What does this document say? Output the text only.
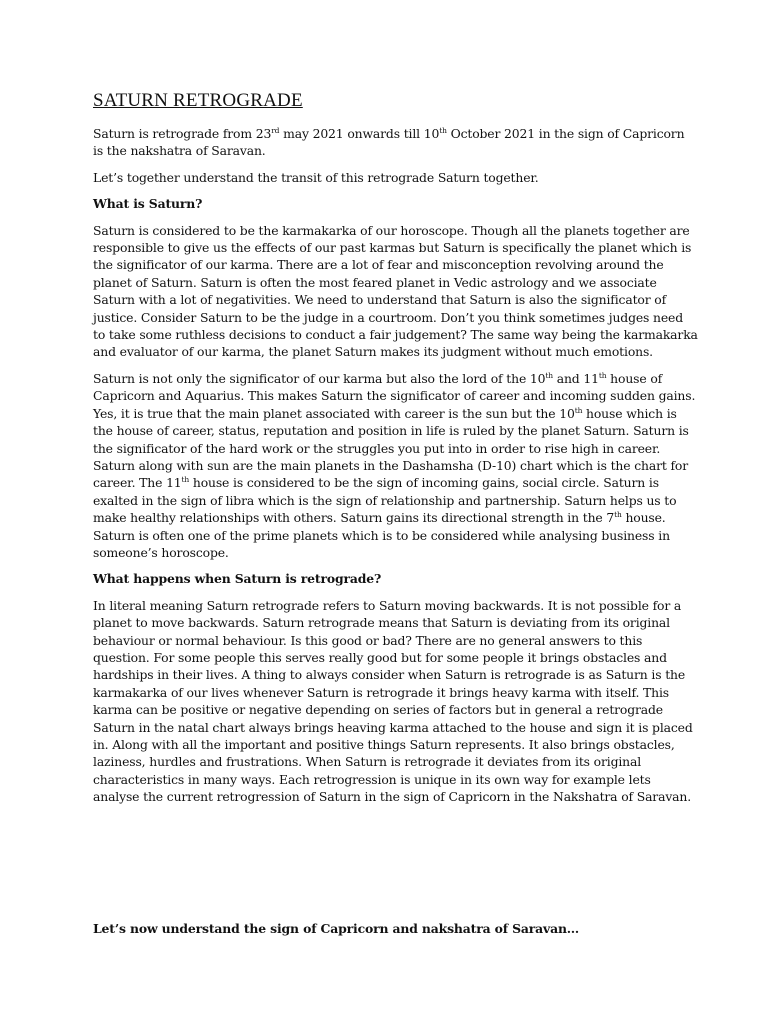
SATURN RETROGRADE

Saturn is retrograde from 23rd may 2021 onwards till 10th October 2021 in the sign of Capricorn is the nakshatra of Saravan.

Let’s together understand the transit of this retrograde Saturn together.

What is Saturn?

Saturn is considered to be the karmakarka of our horoscope. Though all the planets together are responsible to give us the effects of our past karmas but Saturn is specifically the planet which is the significator of our karma. There are a lot of fear and misconception revolving around the planet of Saturn. Saturn is often the most feared planet in Vedic astrology and we associate Saturn with a lot of negativities. We need to understand that Saturn is also the significator of justice. Consider Saturn to be the judge in a courtroom. Don’t you think sometimes judges need to take some ruthless decisions to conduct a fair judgement? The same way being the karmakarka and evaluator of our karma, the planet Saturn makes its judgment without much emotions.

Saturn is not only the significator of our karma but also the lord of the 10th and 11th house of Capricorn and Aquarius. This makes Saturn the significator of career and incoming sudden gains. Yes, it is true that the main planet associated with career is the sun but the 10th house which is the house of career, status, reputation and position in life is ruled by the planet Saturn. Saturn is the significator of the hard work or the struggles you put into in order to rise high in career. Saturn along with sun are the main planets in the Dashamsha (D-10) chart which is the chart for career. The 11th house is considered to be the sign of incoming gains, social circle. Saturn is exalted in the sign of libra which is the sign of relationship and partnership. Saturn helps us to make healthy relationships with others. Saturn gains its directional strength in the 7th house. Saturn is often one of the prime planets which is to be considered while analysing business in someone’s horoscope.

What happens when Saturn is retrograde?

In literal meaning Saturn retrograde refers to Saturn moving backwards. It is not possible for a planet to move backwards. Saturn retrograde means that Saturn is deviating from its original behaviour or normal behaviour. Is this good or bad? There are no general answers to this question. For some people this serves really good but for some people it brings obstacles and hardships in their lives. A thing to always consider when Saturn is retrograde is as Saturn is the karmakarka of our lives whenever Saturn is retrograde it brings heavy karma with itself. This karma can be positive or negative depending on series of factors but in general a retrograde Saturn in the natal chart always brings heaving karma attached to the house and sign it is placed in. Along with all the important and positive things Saturn represents. It also brings obstacles, laziness, hurdles and frustrations. When Saturn is retrograde it deviates from its original characteristics in many ways. Each retrogression is unique in its own way for example lets analyse the current retrogression of Saturn in the sign of Capricorn in the Nakshatra of Saravan.

Let’s now understand the sign of Capricorn and nakshatra of Saravan…
